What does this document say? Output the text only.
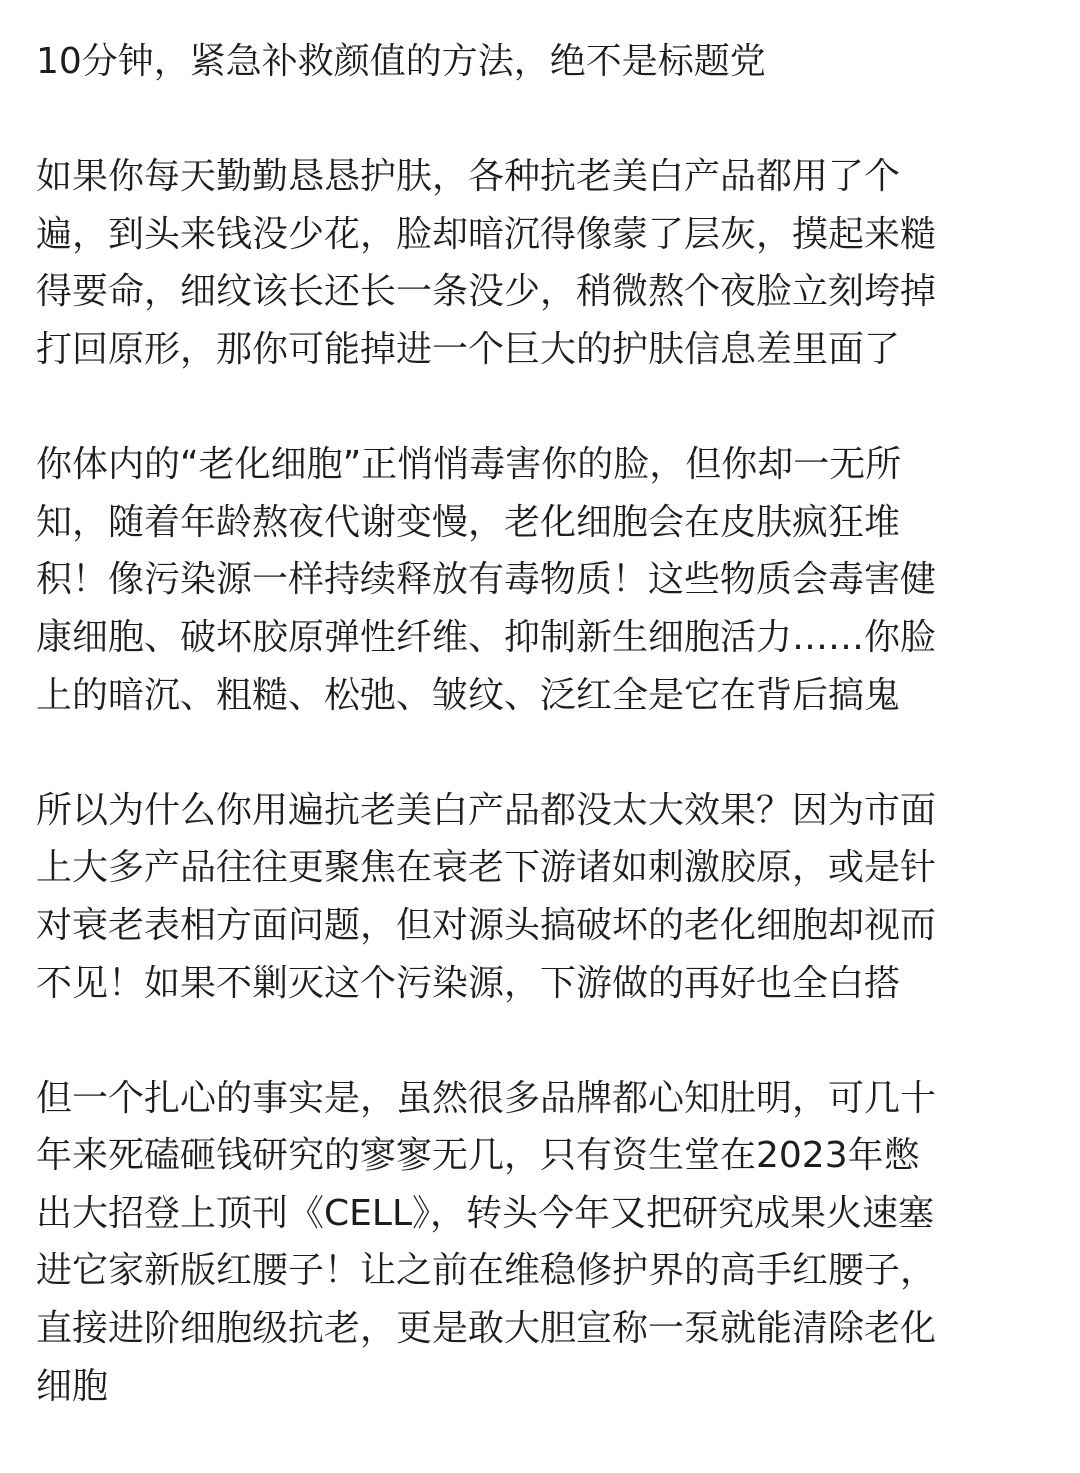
10分钟，紧急补救颜值的方法，绝不是标题党

如果你每天勤勤恳恳护肤，各种抗老美白产品都用了个
遍，到头来钱没少花，脸却暗沉得像蒙了层灰，摸起来糙
得要命，细纹该长还长一条没少，稍微熬个夜脸立刻垮掉
打回原形，那你可能掉进一个巨大的护肤信息差里面了

你体内的“老化细胞”正悄悄毒害你的脸，但你却一无所
知，随着年龄熬夜代谢变慢，老化细胞会在皮肤疯狂堆
积！像污染源一样持续释放有毒物质！这些物质会毒害健
康细胞、破坏胶原弹性纤维、抑制新生细胞活力……你脸
上的暗沉、粗糙、松弛、皱纹、泛红全是它在背后搞鬼

所以为什么你用遍抗老美白产品都没太大效果？因为市面
上大多产品往往更聚焦在衰老下游诸如刺激胶原，或是针
对衰老表相方面问题，但对源头搞破坏的老化细胞却视而
不见！如果不剿灭这个污染源，下游做的再好也全白搭

但一个扎心的事实是，虽然很多品牌都心知肚明，可几十
年来死磕砸钱研究的寥寥无几，只有资生堂在2023年憋
出大招登上顶刊《CELL》，转头今年又把研究成果火速塞
进它家新版红腰子！让之前在维稳修护界的高手红腰子，
直接进阶细胞级抗老，更是敢大胆宣称一泵就能清除老化
细胞
